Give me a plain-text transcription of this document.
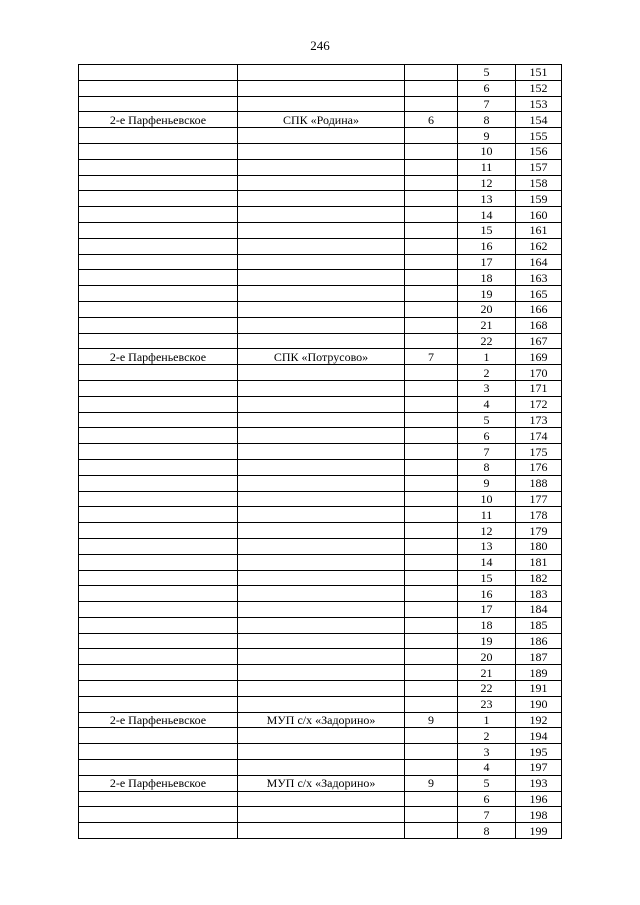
246
			5	151
			6	152
			7	153
2-е Парфеньевское	СПК «Родина»	6	8	154
			9	155
			10	156
			11	157
			12	158
			13	159
			14	160
			15	161
			16	162
			17	164
			18	163
			19	165
			20	166
			21	168
			22	167
2-е Парфеньевское	СПК «Потрусово»	7	1	169
			2	170
			3	171
			4	172
			5	173
			6	174
			7	175
			8	176
			9	188
			10	177
			11	178
			12	179
			13	180
			14	181
			15	182
			16	183
			17	184
			18	185
			19	186
			20	187
			21	189
			22	191
			23	190
2-е Парфеньевское	МУП с/х «Задорино»	9	1	192
			2	194
			3	195
			4	197
2-е Парфеньевское	МУП с/х «Задорино»	9	5	193
			6	196
			7	198
			8	199
